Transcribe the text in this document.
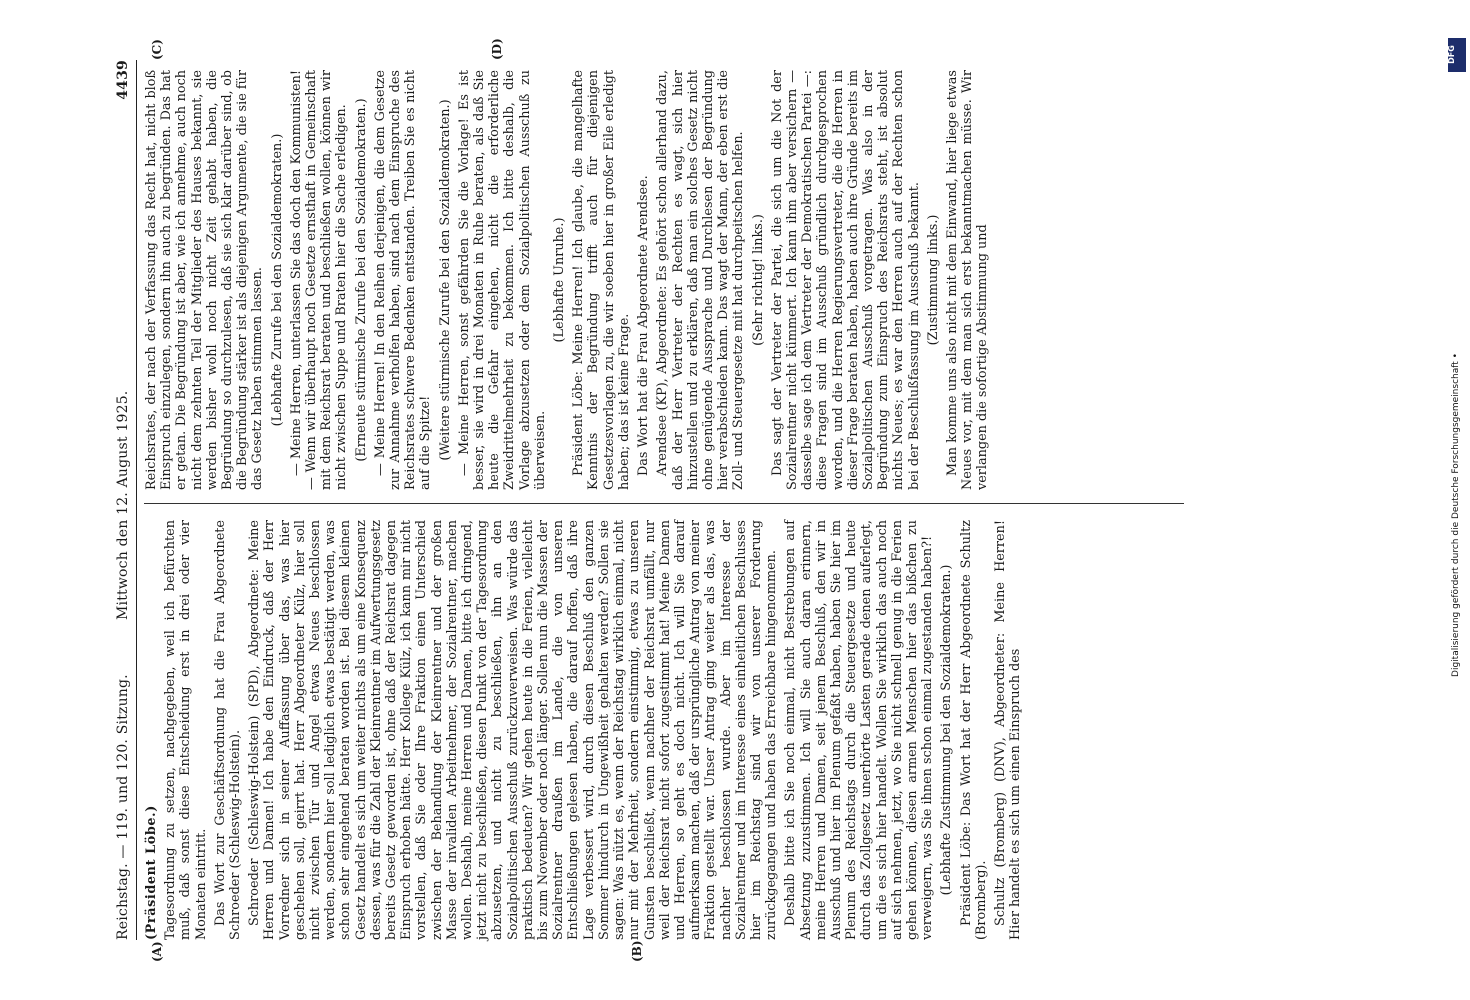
Reichstag. — 119. und 120. Sitzung.
Mittwoch den 12. August 1925.
4439
(A)	(B)
(C)	(D)

(Präsident Löbe.) Tagesordnung zu setzen, nachgegeben, weil ich befürchten muß, daß sonst diese Entscheidung erst in drei oder vier Monaten eintritt. Das Wort zur Geschäftsordnung hat die Frau Abgeordnete Schroeder (Schleswig-Holstein). Schroeder (Schleswig-Holstein) (SPD), Abgeordnete: Meine Herren und Damen! Ich habe den Eindruck, daß der Herr Vorredner sich in seiner Auffassung über das, was hier geschehen soll, geirrt hat. Herr Abgeordneter Külz, hier soll nicht zwischen Tür und Angel etwas Neues beschlossen werden, sondern hier soll lediglich etwas bestätigt werden, was schon sehr eingehend beraten worden ist. Bei diesem kleinen Gesetz handelt es sich um weiter nichts als um eine Konsequenz dessen, was für die Zahl der Kleinrentner im Aufwertungsgesetz bereits Gesetz geworden ist, ohne daß der Reichsrat dagegen Einspruch erhoben hätte. Herr Kollege Külz, ich kann mir nicht vorstellen, daß Sie oder Ihre Fraktion einen Unterschied zwischen der Behandlung der Kleinrentner und der großen Masse der invaliden Arbeitnehmer, der Sozialrentner, machen wollen. Deshalb, meine Herren und Damen, bitte ich dringend, jetzt nicht zu beschließen, diesen Punkt von der Tagesordnung abzusetzen, und nicht zu beschließen, ihn an den Sozialpolitischen Ausschuß zurückzuverweisen. Was würde das praktisch bedeuten? Wir gehen heute in die Ferien, vielleicht bis zum November oder noch länger. Sollen nun die Massen der Sozialrentner draußen im Lande, die von unseren Entschließungen gelesen haben, die darauf hoffen, daß ihre Lage verbessert wird, durch diesen Beschluß den ganzen Sommer hindurch in Ungewißheit gehalten werden? Sollen sie sagen: Was nützt es, wenn der Reichstag wirklich einmal, nicht nur mit der Mehrheit, sondern einstimmig, etwas zu unseren Gunsten beschließt, wenn nachher der Reichsrat umfällt, nur weil der Reichsrat nicht sofort zugestimmt hat! Meine Damen und Herren, so geht es doch nicht. Ich will Sie darauf aufmerksam machen, daß der ursprüngliche Antrag von meiner Fraktion gestellt war. Unser Antrag ging weiter als das, was nachher beschlossen wurde. Aber im Interesse der Sozialrentner und im Interesse eines einheitlichen Beschlusses hier im Reichstag sind wir von unserer Forderung zurückgegangen und haben das Erreichbare hingenommen. Deshalb bitte ich Sie noch einmal, nicht Bestrebungen auf Absetzung zuzustimmen. Ich will Sie auch daran erinnern, meine Herren und Damen, seit jenem Beschluß, den wir in Ausschuß und hier im Plenum gefaßt haben, haben Sie hier im Plenum des Reichstags durch die Steuergesetze und heute durch das Zollgesetz unerhörte Lasten gerade denen auferlegt, um die es sich hier handelt. Wollen Sie wirklich das auch noch auf sich nehmen, jetzt, wo Sie nicht schnell genug in die Ferien gehen können, diesen armen Menschen hier das bißchen zu verweigern, was Sie ihnen schon einmal zugestanden haben?! (Lebhafte Zustimmung bei den Sozialdemokraten.) Präsident Löbe: Das Wort hat der Herr Abgeordnete Schultz (Bromberg). Schultz (Bromberg) (DNV), Abgeordneter: Meine Herren! Hier handelt es sich um einen Einspruch des

Reichsrates, der nach der Verfassung das Recht hat, nicht bloß Einspruch einzulegen, sondern ihn auch zu begründen. Das hat er getan. Die Begründung ist aber, wie ich annehme, auch noch nicht dem zehnten Teil der Mitglieder des Hauses bekannt, sie werden bisher wohl noch nicht Zeit gehabt haben, die Begründung so durchzulesen, daß sie sich klar darüber sind, ob die Begründung stärker ist als diejenigen Argumente, die sie für das Gesetz haben stimmen lassen. (Lebhafte Zurufe bei den Sozialdemokraten.) — Meine Herren, unterlassen Sie das doch den Kommunisten! — Wenn wir überhaupt noch Gesetze ernsthaft in Gemeinschaft mit dem Reichsrat beraten und beschließen wollen, können wir nicht zwischen Suppe und Braten hier die Sache erledigen. (Erneute stürmische Zurufe bei den Sozialdemokraten.) — Meine Herren! In den Reihen derjenigen, die dem Gesetze zur Annahme verholfen haben, sind nach dem Einspruche des Reichsrates schwere Bedenken entstanden. Treiben Sie es nicht auf die Spitze! (Weitere stürmische Zurufe bei den Sozialdemokraten.) — Meine Herren, sonst gefährden Sie die Vorlage! Es ist besser, sie wird in drei Monaten in Ruhe beraten, als daß Sie heute die Gefahr eingehen, nicht die erforderliche Zweidrittelmehrheit zu bekommen. Ich bitte deshalb, die Vorlage abzusetzen oder dem Sozialpolitischen Ausschuß zu überweisen.

(Lebhafte Unruhe.) Präsident Löbe: Meine Herren! Ich glaube, die mangelhafte Kenntnis der Begründung trifft auch für diejenigen Gesetzesvorlagen zu, die wir soeben hier in großer Eile erledigt haben; das ist keine Frage. Das Wort hat die Frau Abgeordnete Arendsee. Arendsee (KP), Abgeordnete: Es gehört schon allerhand dazu, daß der Herr Vertreter der Rechten es wagt, sich hier hinzustellen und zu erklären, daß man ein solches Gesetz nicht ohne genügende Aussprache und Durchlesen der Begründung hier verabschieden kann. Das wagt der Mann, der eben erst die Zoll- und Steuergesetze mit hat durchpeitschen helfen. (Sehr richtig! links.) Das sagt der Vertreter der Partei, die sich um die Not der Sozialrentner nicht kümmert. Ich kann ihm aber versichern — dasselbe sage ich dem Vertreter der Demokratischen Partei —: diese Fragen sind im Ausschuß gründlich durchgesprochen worden, und die Herren Regierungsvertreter, die die Herren in dieser Frage beraten haben, haben auch ihre Gründe bereits im Sozialpolitischen Ausschuß vorgetragen. Was also in der Begründung zum Einspruch des Reichsrats steht, ist absolut nichts Neues; es war den Herren auch auf der Rechten schon bei der Beschlußfassung im Ausschuß bekannt. (Zustimmung links.) Man komme uns also nicht mit dem Einwand, hier liege etwas Neues vor, mit dem man sich erst bekanntmachen müsse. Wir verlangen die sofortige Abstimmung und	Digitalisierung gefördert durch die Deutsche Forschungsgemeinschaft •
DFG
